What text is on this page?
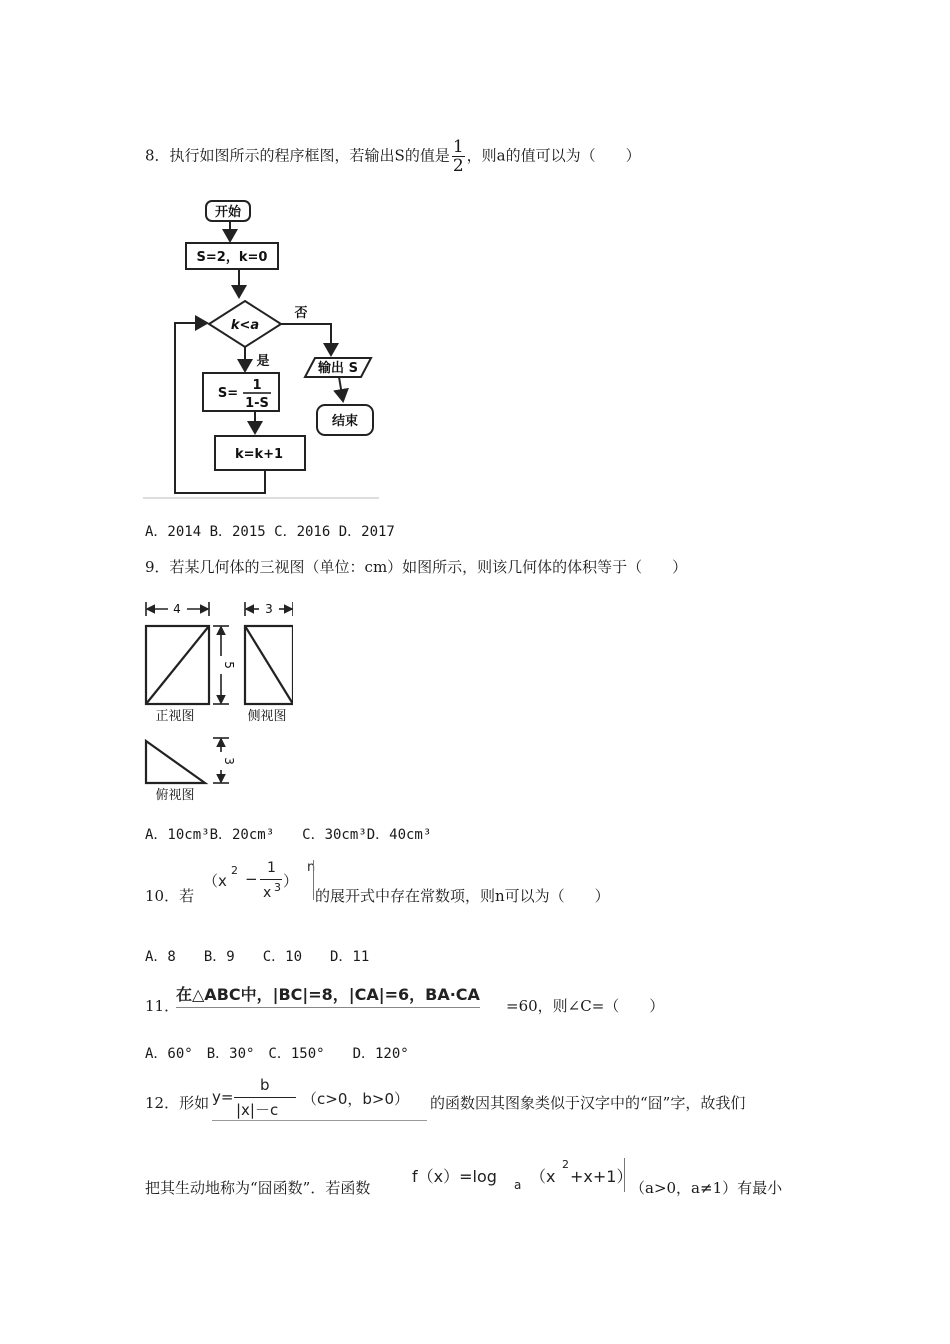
8．执行如图所示的程序框图，若输出S的值是 $\frac{1}{2}$ ，则a的值可以为（　　）
开始
S=2，k=0
k<a
否
是
S=
1
1-S
k=k+1
输出 S
结束
A．2014 B．2015 C．2016 D．2017
9．若某几何体的三视图（单位：cm）如图所示，则该几何体的体积等于（　　）
4	3
5
3
正视图	侧视图
俯视图
A．10cm³B．20cm³　　C．30cm³D．40cm³
10．若
（x
2 −
1
x 3 ）
n
的展开式中存在常数项，则n可以为（　　）
A．8　　B．9　　C．10　　D．11
11．
在△ABC中，|BC|=8，|CA|=6，BA·CA
=60，则∠C=（　　）
A．60°　B．30°　C．150°　　D．120°
12．形如 y=
b
|x|－c
（c>0，b>0） 的函数因其图象类似于汉字中的“囧”字，故我们
把其生动地称为“囧函数”．若函数
f（x）=log a （x
2
+x+1）
（a>0，a≠1）有最小
